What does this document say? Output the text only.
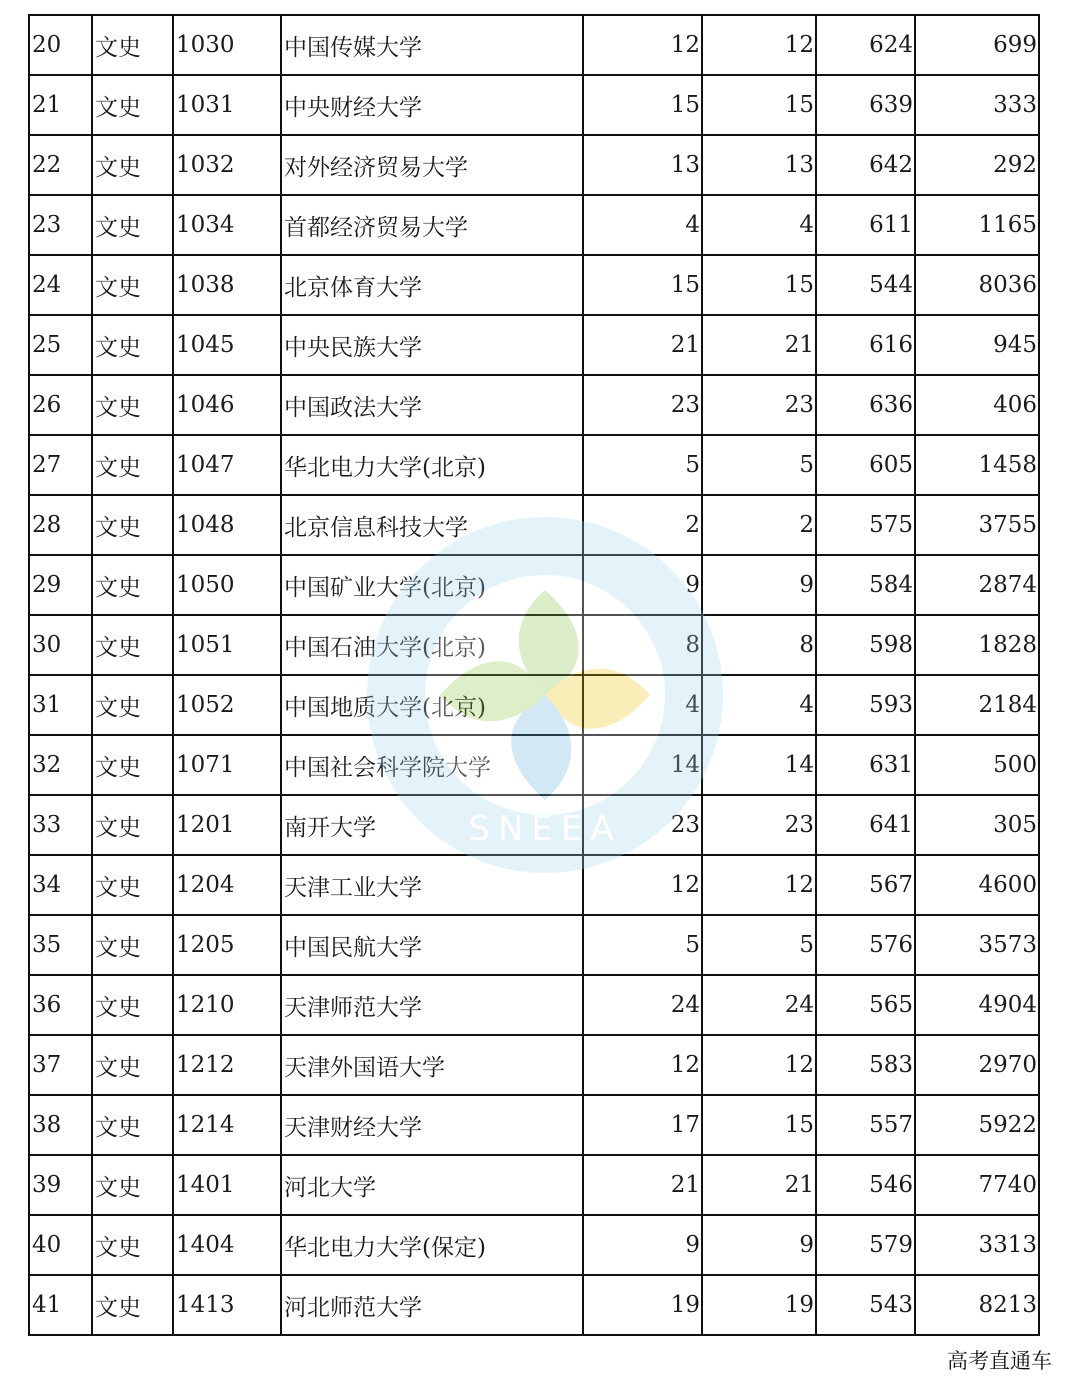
20	文史	1030	中国传媒大学	12	12	624	699
21	文史	1031	中央财经大学	15	15	639	333
22	文史	1032	对外经济贸易大学	13	13	642	292
23	文史	1034	首都经济贸易大学	4	4	611	1165
24	文史	1038	北京体育大学	15	15	544	8036
25	文史	1045	中央民族大学	21	21	616	945
26	文史	1046	中国政法大学	23	23	636	406
27	文史	1047	华北电力大学(北京)	5	5	605	1458
28	文史	1048	北京信息科技大学	2	2	575	3755
29	文史	1050	中国矿业大学(北京)	9	9	584	2874
30	文史	1051	中国石油大学(北京)	8	8	598	1828
31	文史	1052	中国地质大学(北京)	4	4	593	2184
32	文史	1071	中国社会科学院大学	14	14	631	500
33	文史	1201	南开大学	23	23	641	305
34	文史	1204	天津工业大学	12	12	567	4600
35	文史	1205	中国民航大学	5	5	576	3573
36	文史	1210	天津师范大学	24	24	565	4904
37	文史	1212	天津外国语大学	12	12	583	2970
38	文史	1214	天津财经大学	17	15	557	5922
39	文史	1401	河北大学	21	21	546	7740
40	文史	1404	华北电力大学(保定)	9	9	579	3313
41	文史	1413	河北师范大学	19	19	543	8213
SNEEA
高考直通车
